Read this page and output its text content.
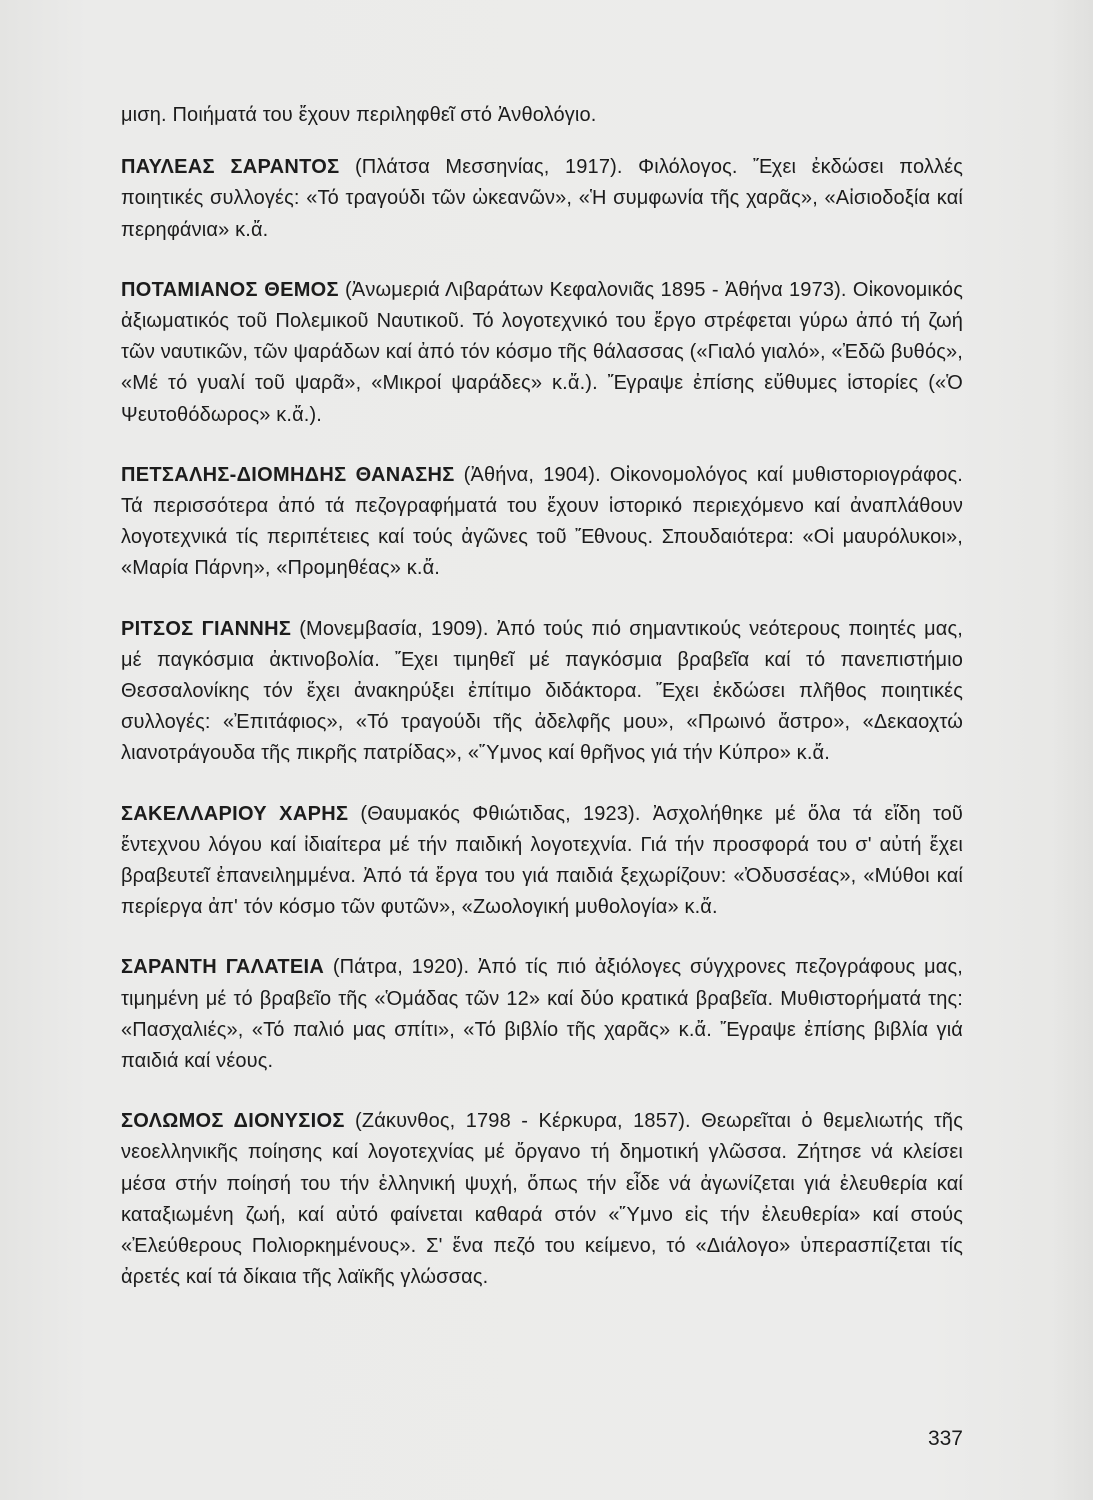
μιση. Ποιήματά του ἔχουν περιληφθεῖ στό Ἀνθολόγιο.

ΠΑΥΛΕΑΣ ΣΑΡΑΝΤΟΣ (Πλάτσα Μεσσηνίας, 1917). Φιλόλογος. Ἔχει ἐκδώσει πολλές ποιητικές συλλογές: «Τό τραγούδι τῶν ὠκεανῶν», «Ἡ συμφωνία τῆς χαρᾶς», «Αἰσιοδοξία καί περηφάνια» κ.ἄ.

ΠΟΤΑΜΙΑΝΟΣ ΘΕΜΟΣ (Ἀνωμεριά Λιβαράτων Κεφαλονιᾶς 1895 - Ἀθήνα 1973). Οἰκονομικός ἀξιωματικός τοῦ Πολεμικοῦ Ναυτικοῦ. Τό λογοτεχνικό του ἔργο στρέφεται γύρω ἀπό τή ζωή τῶν ναυτικῶν, τῶν ψαράδων καί ἀπό τόν κόσμο τῆς θάλασσας («Γιαλό γιαλό», «Ἐδῶ βυθός», «Μέ τό γυαλί τοῦ ψαρᾶ», «Μικροί ψαράδες» κ.ἄ.). Ἔγραψε ἐπίσης εὔθυμες ἱστορίες («Ὁ Ψευτοθόδωρος» κ.ἄ.).

ΠΕΤΣΑΛΗΣ-ΔΙΟΜΗΔΗΣ ΘΑΝΑΣΗΣ (Ἀθήνα, 1904). Οἰκονομολόγος καί μυθιστοριογράφος. Τά περισσότερα ἀπό τά πεζογραφήματά του ἔχουν ἱστορικό περιεχόμενο καί ἀναπλάθουν λογοτεχνικά τίς περιπέτειες καί τούς ἀγῶνες τοῦ Ἔθνους. Σπουδαιότερα: «Οἱ μαυρόλυκοι», «Μαρία Πάρνη», «Προμηθέας» κ.ἄ.

ΡΙΤΣΟΣ ΓΙΑΝΝΗΣ (Μονεμβασία, 1909). Ἀπό τούς πιό σημαντικούς νεότερους ποιητές μας, μέ παγκόσμια ἀκτινοβολία. Ἔχει τιμηθεῖ μέ παγκόσμια βραβεῖα καί τό πανεπιστήμιο Θεσσαλονίκης τόν ἔχει ἀνακηρύξει ἐπίτιμο διδάκτορα. Ἔχει ἐκδώσει πλῆθος ποιητικές συλλογές: «Ἐπιτάφιος», «Τό τραγούδι τῆς ἀδελφῆς μου», «Πρωινό ἄστρο», «Δεκαοχτώ λιανοτράγουδα τῆς πικρῆς πατρίδας», «Ὕμνος καί θρῆνος γιά τήν Κύπρο» κ.ἄ.

ΣΑΚΕΛΛΑΡΙΟΥ ΧΑΡΗΣ (Θαυμακός Φθιώτιδας, 1923). Ἀσχολήθηκε μέ ὅλα τά εἴδη τοῦ ἔντεχνου λόγου καί ἰδιαίτερα μέ τήν παιδική λογοτεχνία. Γιά τήν προσφορά του σ' αὐτή ἔχει βραβευτεῖ ἐπανειλημμένα. Ἀπό τά ἔργα του γιά παιδιά ξεχωρίζουν: «Ὀδυσσέας», «Μύθοι καί περίεργα ἀπ' τόν κόσμο τῶν φυτῶν», «Ζωολογική μυθολογία» κ.ἄ.

ΣΑΡΑΝΤΗ ΓΑΛΑΤΕΙΑ (Πάτρα, 1920). Ἀπό τίς πιό ἀξιόλογες σύγχρονες πεζογράφους μας, τιμημένη μέ τό βραβεῖο τῆς «Ὁμάδας τῶν 12» καί δύο κρατικά βραβεῖα. Μυθιστορήματά της: «Πασχαλιές», «Τό παλιό μας σπίτι», «Τό βιβλίο τῆς χαρᾶς» κ.ἄ. Ἔγραψε ἐπίσης βιβλία γιά παιδιά καί νέους.

ΣΟΛΩΜΟΣ ΔΙΟΝΥΣΙΟΣ (Ζάκυνθος, 1798 - Κέρκυρα, 1857). Θεωρεῖται ὁ θεμελιωτής τῆς νεοελληνικῆς ποίησης καί λογοτεχνίας μέ ὄργανο τή δημοτική γλῶσσα. Ζήτησε νά κλείσει μέσα στήν ποίησή του τήν ἑλληνική ψυχή, ὅπως τήν εἶδε νά ἀγωνίζεται γιά ἐλευθερία καί καταξιωμένη ζωή, καί αὐτό φαίνεται καθαρά στόν «Ὕμνο εἰς τήν ἐλευθερία» καί στούς «Ἐλεύθερους Πολιορκημένους». Σ' ἕνα πεζό του κείμενο, τό «Διάλογο» ὑπερασπίζεται τίς ἀρετές καί τά δίκαια τῆς λαϊκῆς γλώσσας.

337
